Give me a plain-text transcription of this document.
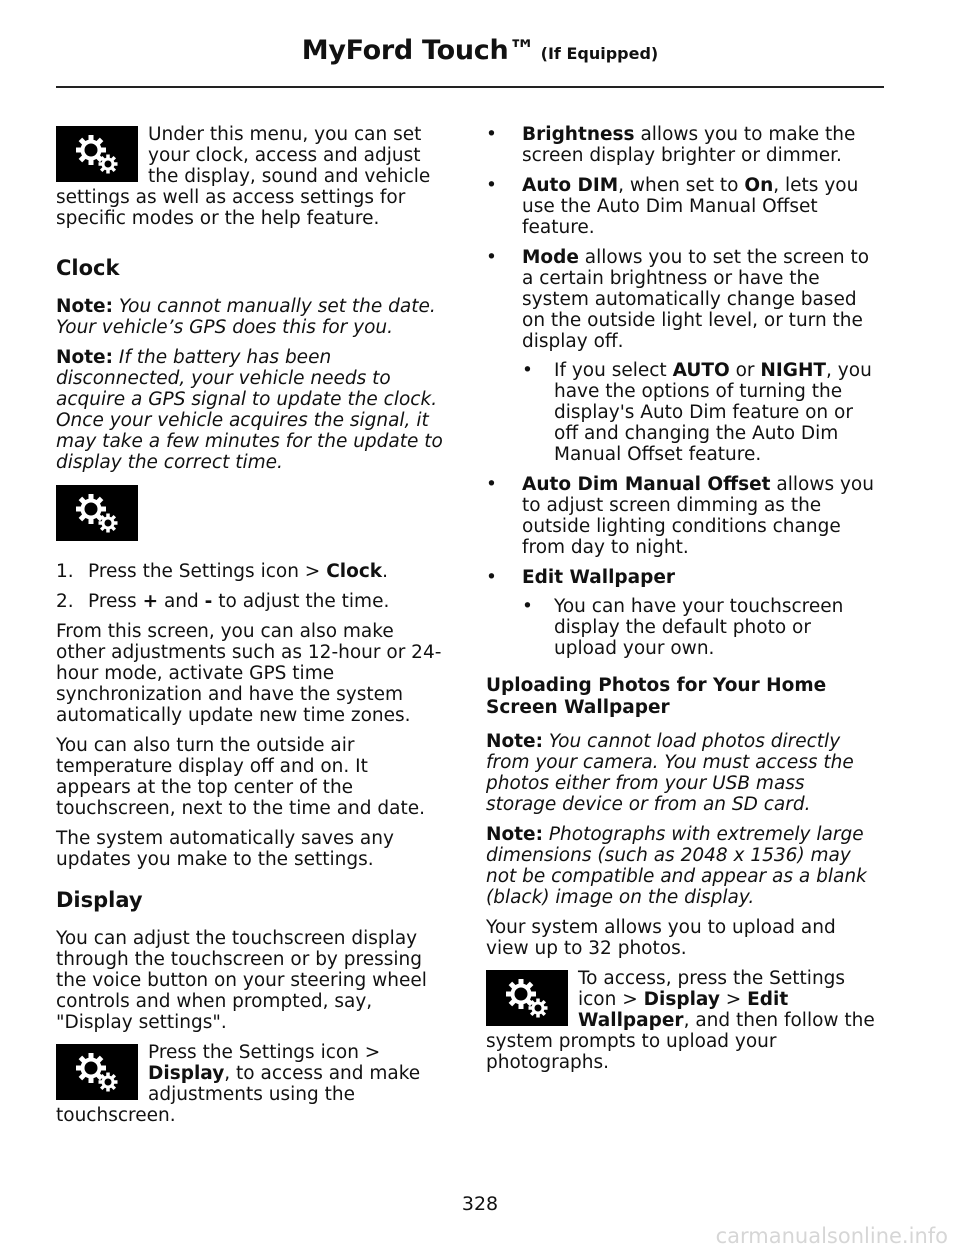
MyFord Touch™ (If Equipped)

Under this menu, you can set your clock, access and adjust the display, sound and vehicle settings as well as access settings for specific modes or the help feature.

Clock

Note: You cannot manually set the date. Your vehicle’s GPS does this for you.

Note: If the battery has been disconnected, your vehicle needs to acquire a GPS signal to update the clock. Once your vehicle acquires the signal, it may take a few minutes for the update to display the correct time.

1. Press the Settings icon > Clock.
2. Press + and - to adjust the time.

From this screen, you can also make other adjustments such as 12-hour or 24-hour mode, activate GPS time synchronization and have the system automatically update new time zones.

You can also turn the outside air temperature display off and on. It appears at the top center of the touchscreen, next to the time and date.

The system automatically saves any updates you make to the settings.

Display

You can adjust the touchscreen display through the touchscreen or by pressing the voice button on your steering wheel controls and when prompted, say, "Display settings".

Press the Settings icon > Display, to access and make adjustments using the touchscreen.

• Brightness allows you to make the screen display brighter or dimmer.
• Auto DIM, when set to On, lets you use the Auto Dim Manual Offset feature.
• Mode allows you to set the screen to a certain brightness or have the system automatically change based on the outside light level, or turn the display off.
• If you select AUTO or NIGHT, you have the options of turning the display's Auto Dim feature on or off and changing the Auto Dim Manual Offset feature.
• Auto Dim Manual Offset allows you to adjust screen dimming as the outside lighting conditions change from day to night.
• Edit Wallpaper
• You can have your touchscreen display the default photo or upload your own.
Uploading Photos for Your Home Screen Wallpaper

Note: You cannot load photos directly from your camera. You must access the photos either from your USB mass storage device or from an SD card.

Note: Photographs with extremely large dimensions (such as 2048 x 1536) may not be compatible and appear as a blank (black) image on the display.

Your system allows you to upload and view up to 32 photos.

To access, press the Settings icon > Display > Edit Wallpaper, and then follow the system prompts to upload your photographs.

328
carmanualsonline.info
